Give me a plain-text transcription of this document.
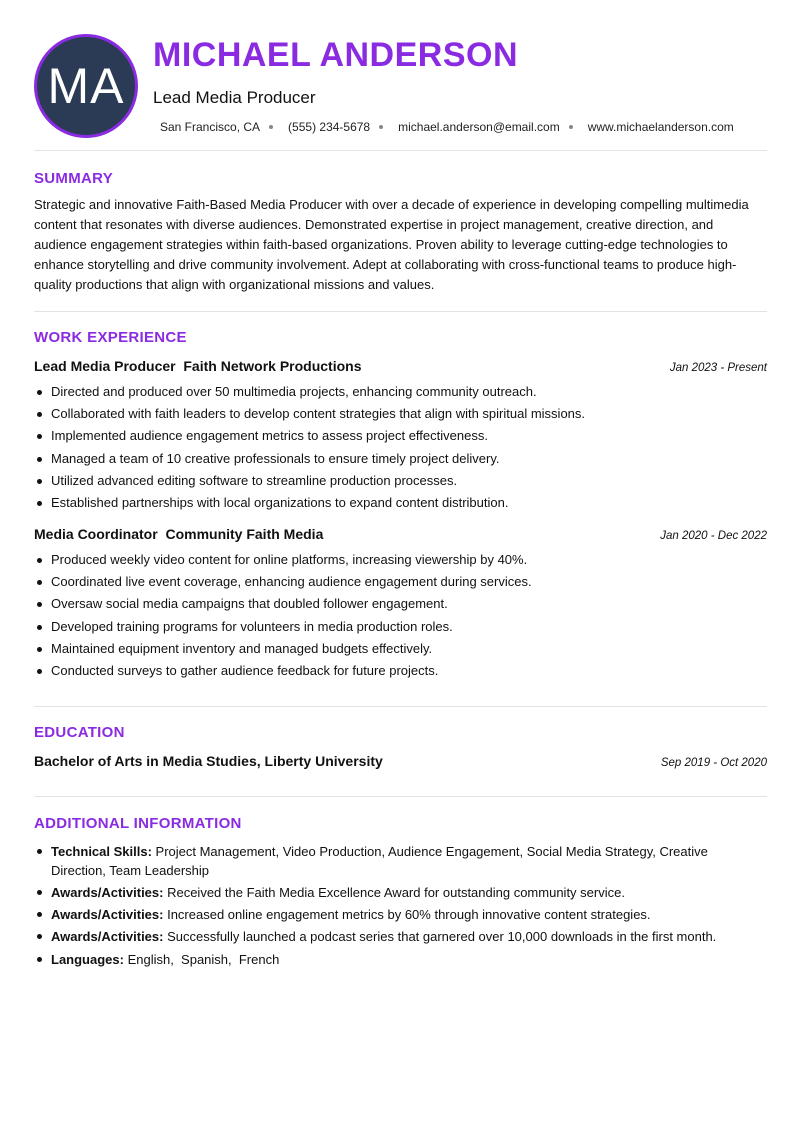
MA
MICHAEL ANDERSON
Lead Media Producer
San Francisco, CA (555) 234-5678 michael.anderson@email.com www.michaelanderson.com
SUMMARY
Strategic and innovative Faith-Based Media Producer with over a decade of experience in developing compelling multimedia content that resonates with diverse audiences. Demonstrated expertise in project management, creative direction, and audience engagement strategies within faith-based organizations. Proven ability to leverage cutting-edge technologies to enhance storytelling and drive community involvement. Adept at collaborating with cross-functional teams to produce high-quality productions that align with organizational missions and values.
WORK EXPERIENCE
Lead Media Producer Faith Network Productions	Jan 2023 - Present
Directed and produced over 50 multimedia projects, enhancing community outreach.
Collaborated with faith leaders to develop content strategies that align with spiritual missions.
Implemented audience engagement metrics to assess project effectiveness.
Managed a team of 10 creative professionals to ensure timely project delivery.
Utilized advanced editing software to streamline production processes.
Established partnerships with local organizations to expand content distribution.
Media Coordinator Community Faith Media	Jan 2020 - Dec 2022
Produced weekly video content for online platforms, increasing viewership by 40%.
Coordinated live event coverage, enhancing audience engagement during services.
Oversaw social media campaigns that doubled follower engagement.
Developed training programs for volunteers in media production roles.
Maintained equipment inventory and managed budgets effectively.
Conducted surveys to gather audience feedback for future projects.
EDUCATION
Bachelor of Arts in Media Studies, Liberty University	Sep 2019 - Oct 2020
ADDITIONAL INFORMATION
Technical Skills: Project Management, Video Production, Audience Engagement, Social Media Strategy, Creative Direction, Team Leadership
Awards/Activities: Received the Faith Media Excellence Award for outstanding community service.
Awards/Activities: Increased online engagement metrics by 60% through innovative content strategies.
Awards/Activities: Successfully launched a podcast series that garnered over 10,000 downloads in the first month.
Languages: English,  Spanish,  French
